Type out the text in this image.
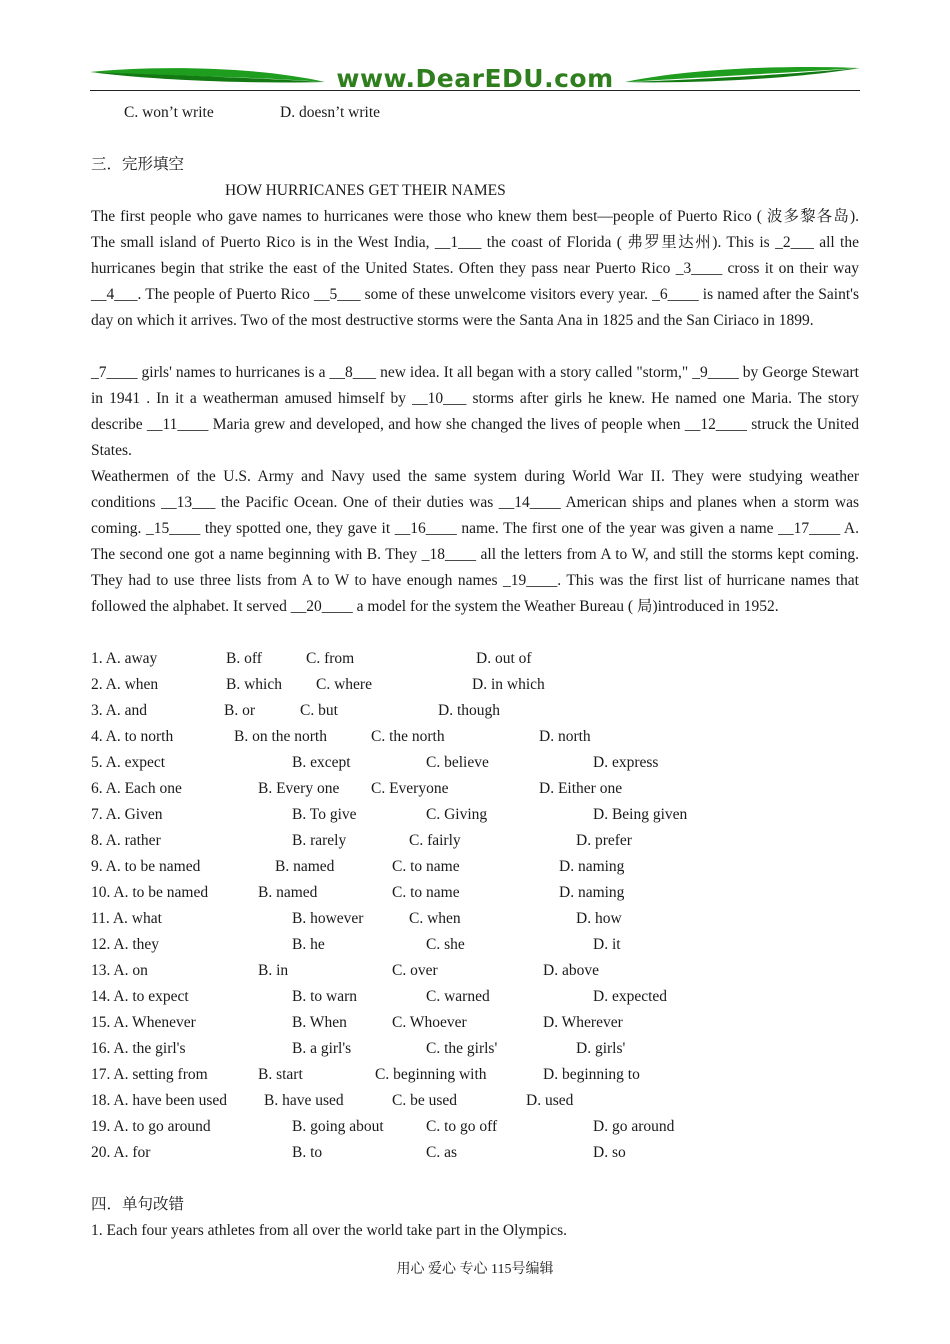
www.DearEDU.com
C. won’t write	D. doesn’t write
三．完形填空
HOW HURRICANES GET THEIR NAMES
The first people who gave names to hurricanes were those who knew them best—people of Puerto Rico ( 波多黎各岛). The small island of Puerto Rico is in the West India, __1___ the coast of Florida ( 弗罗里达州). This is _2___ all the hurricanes begin that strike the east of the United States. Often they pass near Puerto Rico _3____ cross it on their way __4___. The people of Puerto Rico __5___ some of these unwelcome visitors every year. _6____ is named after the Saint's day on which it arrives. Two of the most destructive storms were the Santa Ana in 1825 and the San Ciriaco in 1899.
_7____ girls' names to hurricanes is a __8___ new idea. It all began with a story called "storm," _9____ by George Stewart in 1941 . In it a weatherman amused himself by __10___ storms after girls he knew. He named one Maria. The story describe __11____ Maria grew and developed, and how she changed the lives of people when __12____ struck the United States.
Weathermen of the U.S. Army and Navy used the same system during World War II. They were studying weather conditions __13___ the Pacific Ocean. One of their duties was __14____ American ships and planes when a storm was coming. _15____ they spotted one, they gave it __16____ name. The first one of the year was given a name __17____ A. The second one got a name beginning with B. They _18____ all the letters from A to W, and still the storms kept coming. They had to use three lists from A to W to have enough names _19____. This was the first list of hurricane names that followed the alphabet. It served __20____ a model for the system the Weather Bureau ( 局)introduced in 1952.
1. A. away	B. off	C. from	D. out of
2. A. when	B. which C. where	D. in which
3. A. and	B. or	C. but	D. though
4. A. to north	B. on the north	C. the north	D. north
5. A. expect	B. except	C. believe	D. express
6. A. Each one	B. Every one C. Everyone	D. Either one
7. A. Given	B. To give	C. Giving	D. Being given
8. A. rather	B. rarely	C. fairly	D. prefer
9. A. to be named	B. named	C. to name	D. naming
10. A. to be named	B. named	C. to name	D. naming
11. A. what	B. however	C. when	D. how
12. A. they	B. he	C. she	D. it
13. A. on	B. in	C. over	D. above
14. A. to expect	B. to warn	C. warned	D. expected
15. A. Whenever	B. When	C. Whoever	D. Wherever
16. A. the girl's	B. a girl's	C. the girls'	D. girls'
17. A. setting from	B. start	C. beginning with	D. beginning to
18. A. have been used B. have used	C. be used	D. used
19. A. to go around	B. going about	C. to go off	D. go around
20. A. for	B. to	C. as	D. so
四．单句改错
1. Each four years athletes from all over the world take part in the Olympics.
用心 爱心 专心 115号编辑
